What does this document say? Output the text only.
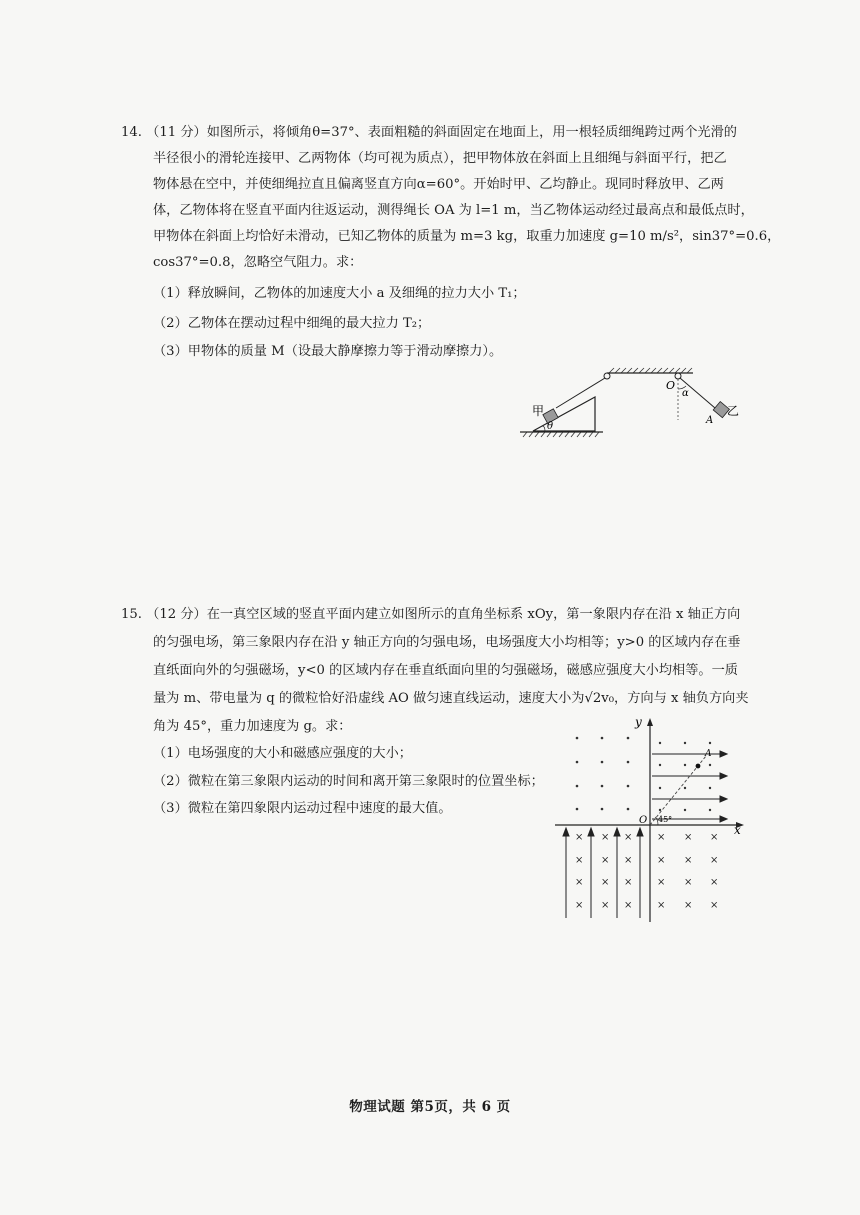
14. （11 分）如图所示，将倾角θ=37°、表面粗糙的斜面固定在地面上，用一根轻质细绳跨过两个光滑的
半径很小的滑轮连接甲、乙两物体（均可视为质点），把甲物体放在斜面上且细绳与斜面平行，把乙
物体悬在空中，并使细绳拉直且偏离竖直方向α=60°。开始时甲、乙均静止。现同时释放甲、乙两
体，乙物体将在竖直平面内往返运动，测得绳长 OA 为 l=1 m，当乙物体运动经过最高点和最低点时，
甲物体在斜面上均恰好未滑动，已知乙物体的质量为 m=3 kg，取重力加速度 g=10 m/s²，sin37°=0.6，
cos37°=0.8，忽略空气阻力。求：
（1）释放瞬间，乙物体的加速度大小 a 及细绳的拉力大小 T₁；
（2）乙物体在摆动过程中细绳的最大拉力 T₂；
（3）甲物体的质量 M（设最大静摩擦力等于滑动摩擦力）。
甲	乙
θ
O
α
A
15. （12 分）在一真空区域的竖直平面内建立如图所示的直角坐标系 xOy，第一象限内存在沿 x 轴正方向
的匀强电场，第三象限内存在沿 y 轴正方向的匀强电场，电场强度大小均相等；y>0 的区域内存在垂
直纸面向外的匀强磁场，y<0 的区域内存在垂直纸面向里的匀强磁场，磁感应强度大小均相等。一质
量为 m、带电量为 q 的微粒恰好沿虚线 AO 做匀速直线运动，速度大小为√2v₀，方向与 x 轴负方向夹
角为 45°，重力加速度为 g。求：
（1）电场强度的大小和磁感应强度的大小；
（2）微粒在第三象限内运动的时间和离开第三象限时的位置坐标；
（3）微粒在第四象限内运动过程中速度的最大值。
y
x
O
A
45°
× × × × × ×
× × × × × ×
× × × × × ×
× × × × × ×
物理试题 第5页，共 6 页
